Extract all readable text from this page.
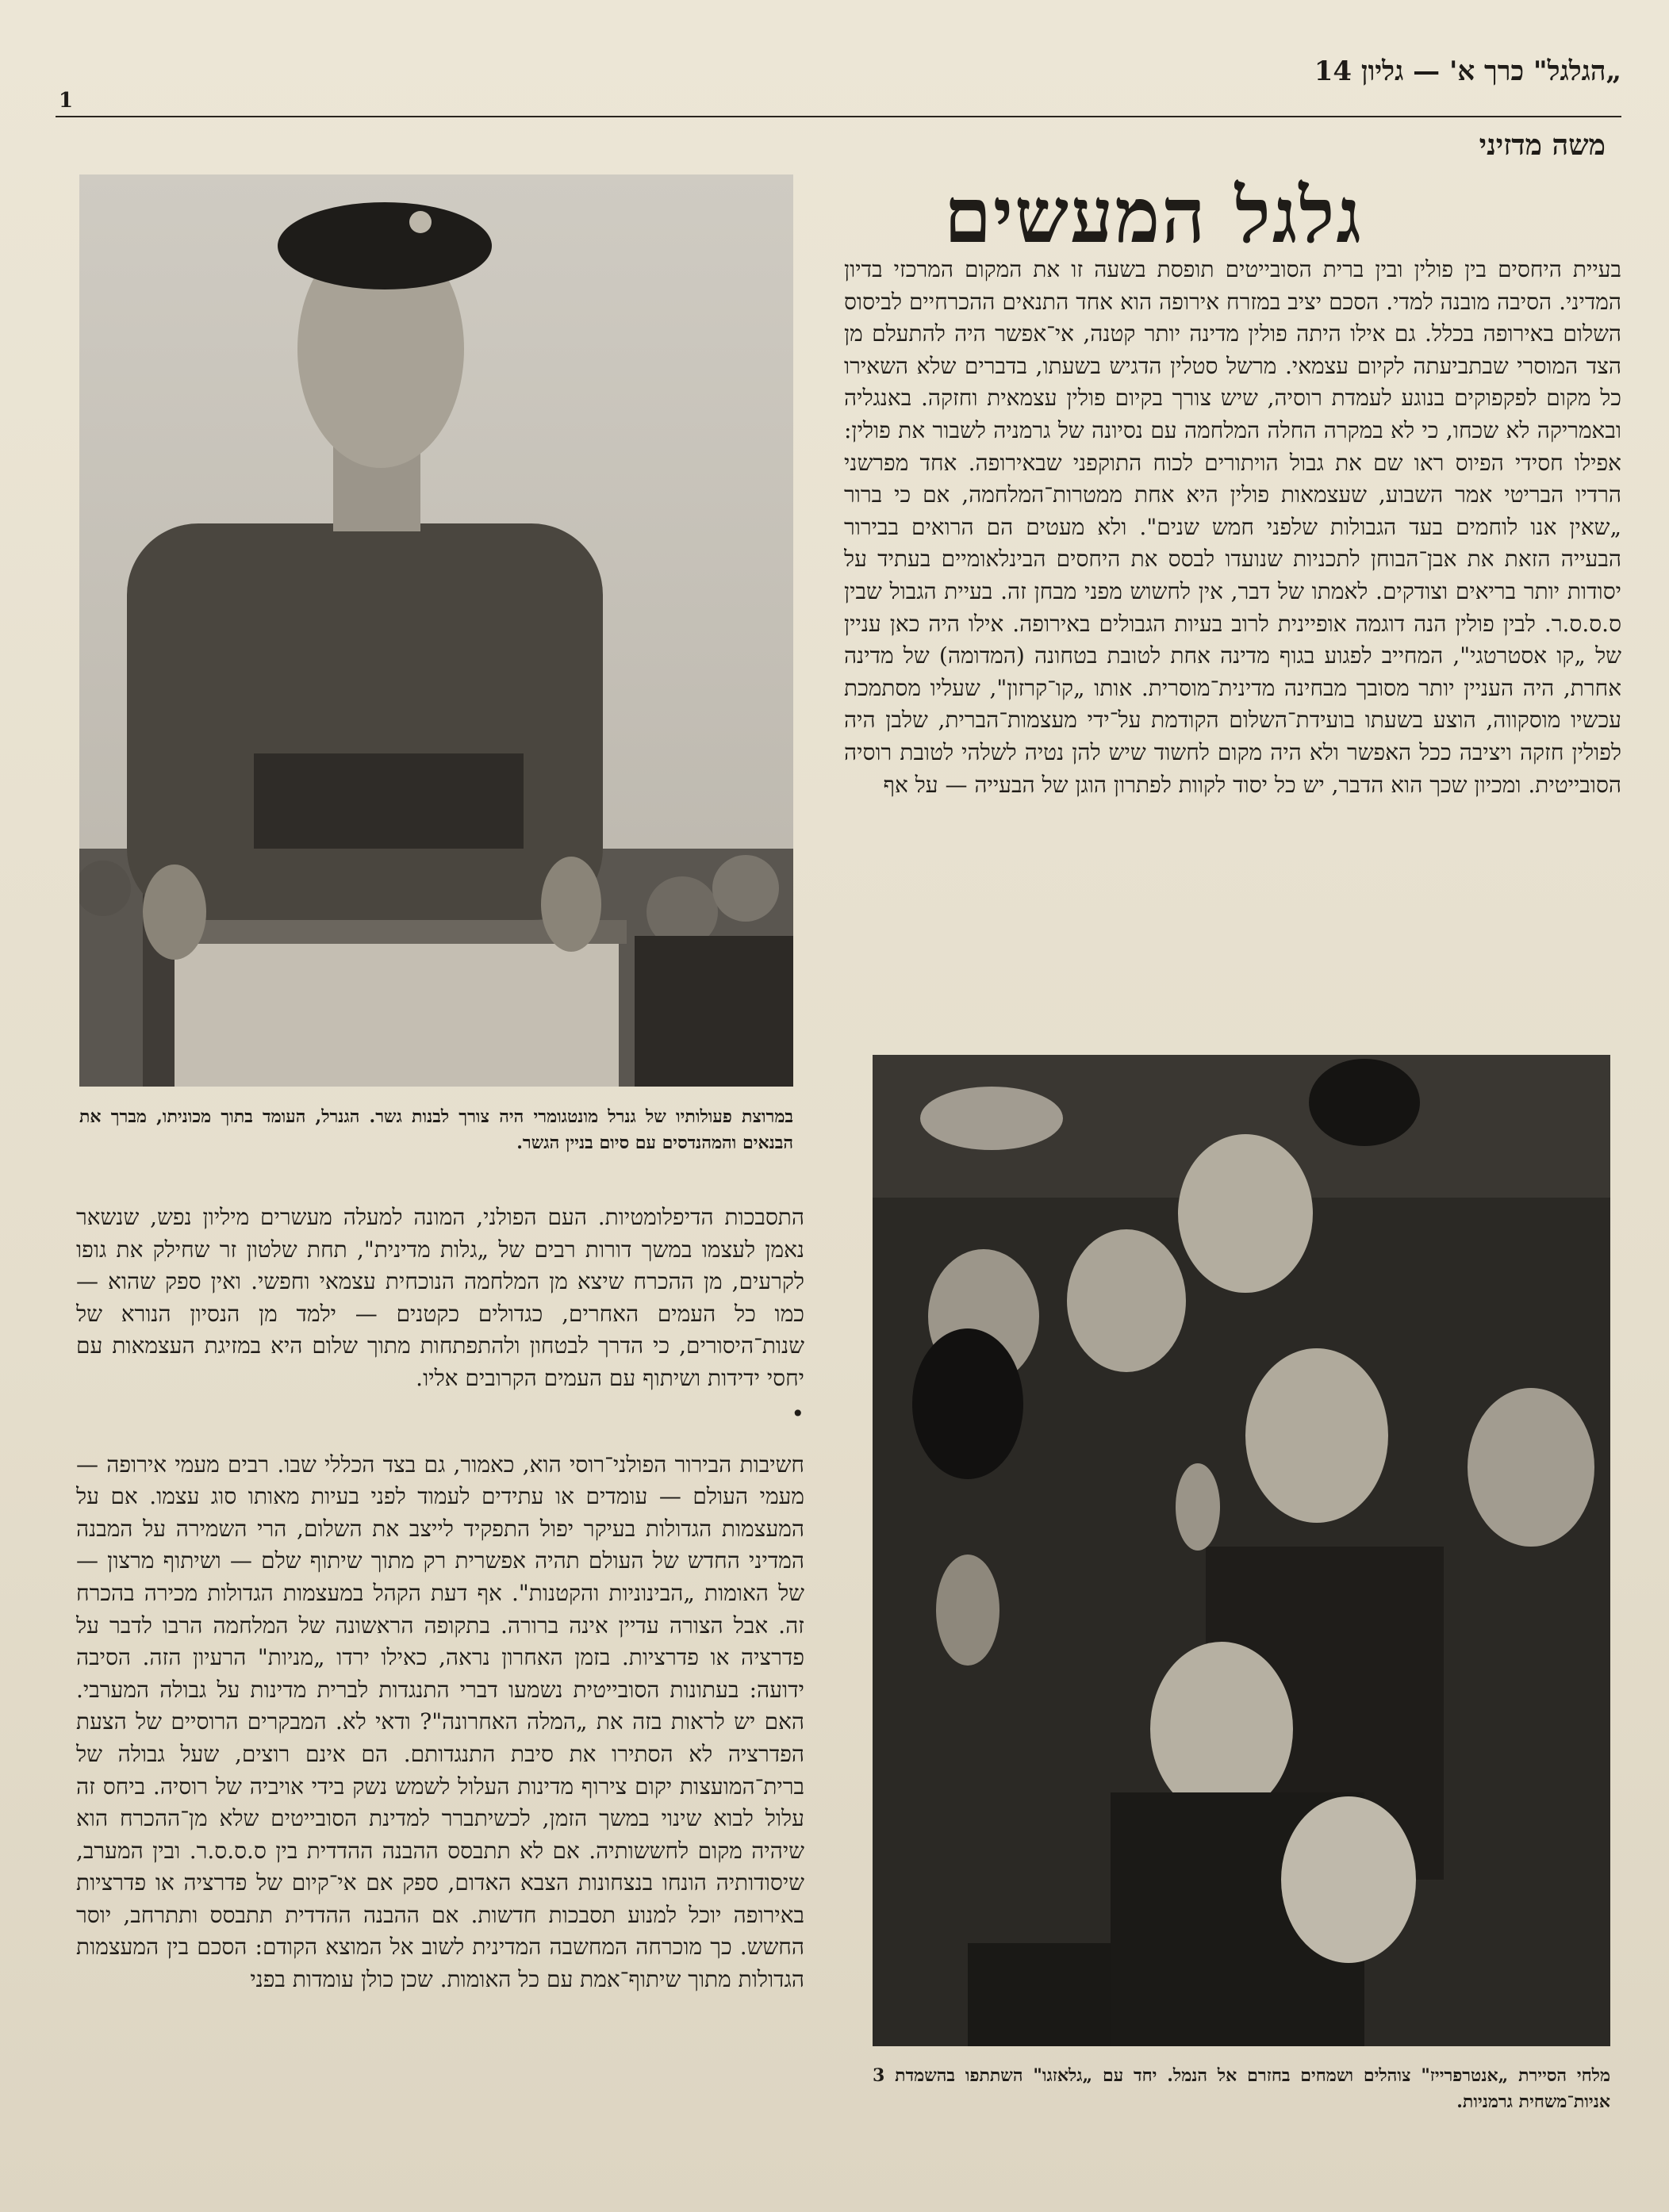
„הגלגל" כרך א' — גליון 14
1
משה מדזיני
גלגל המעשים

בעיית היחסים בין פולין ובין ברית הסובייטים תופסת בשעה זו את המקום המרכזי בדיון המדיני. הסיבה מובנה למדי. הסכם יציב במזרח אירופה הוא אחד התנאים ההכרחיים לביסוס השלום באירופה בכלל. גם אילו היתה פולין מדינה יותר קטנה, אי־אפשר היה להתעלם מן הצד המוסרי שבתביעתה לקיום עצמאי. מרשל סטלין הדגיש בשעתו, בדברים שלא השאירו כל מקום לפקפוקים בנוגע לעמדת רוסיה, שיש צורך בקיום פולין עצמאית וחזקה. באנגליה ובאמריקה לא שכחו, כי לא במקרה החלה המלחמה עם נסיונה של גרמניה לשבור את פולין: אפילו חסידי הפיוס ראו שם את גבול הויתורים לכוח התוקפני שבאירופה. אחד מפרשני הרדיו הבריטי אמר השבוע, שעצמאות פולין היא אחת ממטרות־המלחמה, אם כי ברור „שאין אנו לוחמים בעד הגבולות שלפני חמש שנים". ולא מעטים הם הרואים בבירור הבעייה הזאת את אבן־הבוחן לתכניות שנועדו לבסס את היחסים הבינלאומיים בעתיד על יסודות יותר בריאים וצודקים. לאמתו של דבר, אין לחשוש מפני מבחן זה. בעיית הגבול שבין ס.ס.ס.ר. לבין פולין הנה דוגמה אופיינית לרוב בעיות הגבולים באירופה. אילו היה כאן עניין של „קו אסטרטגי", המחייב לפגוע בגוף מדינה אחת לטובת בטחונה (המדומה) של מדינה אחרת, היה העניין יותר מסובך מבחינה מדינית־מוסרית. אותו „קו־קרזון", שעליו מסתמכת עכשיו מוסקווה, הוצע בשעתו בועידת־השלום הקודמת על־ידי מעצמות־הברית, שלבן היה לפולין חזקה ויציבה ככל האפשר ולא היה מקום לחשוד שיש להן נטיה לשלהי לטובת רוסיה הסובייטית. ומכיון שכך הוא הדבר, יש כל יסוד לקוות לפתרון הוגן של הבעייה — על אף

במרוצת פעולותיו של גנרל מונטגומרי היה צורך לבנות גשר. הגנרל, העומד בתוך מכוניתו, מברך את הבנאים והמהנדסים עם סיום בניין הגשר.

התסבכות הדיפלומטיות. העם הפולני, המונה למעלה מעשרים מיליון נפש, שנשאר נאמן לעצמו במשך דורות רבים של „גלות מדינית", תחת שלטון זר שחילק את גופו לקרעים, מן ההכרח שיצא מן המלחמה הנוכחית עצמאי וחפשי. ואין ספק שהוא — כמו כל העמים האחרים, כגדולים כקטנים — ילמד מן הנסיון הנורא של שנות־היסורים, כי הדרך לבטחון ולהתפתחות מתוך שלום היא במזיגת העצמאות עם יחסי ידידות ושיתוף עם העמים הקרובים אליו.

•

חשיבות הבירור הפולני־רוסי הוא, כאמור, גם בצד הכללי שבו. רבים מעמי אירופה — מעמי העולם — עומדים או עתידים לעמוד לפני בעיות מאותו סוג עצמו. אם על המעצמות הגדולות בעיקר יפול התפקיד לייצב את השלום, הרי השמירה על המבנה המדיני החדש של העולם תהיה אפשרית רק מתוך שיתוף שלם — ושיתוף מרצון — של האומות „הבינוניות והקטנות". אף דעת הקהל במעצמות הגדולות מכירה בהכרח זה. אבל הצורה עדיין אינה ברורה. בתקופה הראשונה של המלחמה הרבו לדבר על פדרציה או פדרציות. בזמן האחרון נראה, כאילו ירדו „מניות" הרעיון הזה. הסיבה ידועה: בעתונות הסובייטית נשמעו דברי התנגדות לברית מדינות על גבולה המערבי. האם יש לראות בזה את „המלה האחרונה"? ודאי לא. המבקרים הרוסיים של הצעת הפדרציה לא הסתירו את סיבת התנגדותם. הם אינם רוצים, שעל גבולה של ברית־המועצות יקום צירוף מדינות העלול לשמש נשק בידי אויביה של רוסיה. ביחס זה עלול לבוא שינוי במשך הזמן, לכשיתברר למדינת הסובייטים שלא מן־ההכרח הוא שיהיה מקום לחששותיה. אם לא תתבסס ההבנה ההדדית בין ס.ס.ס.ר. ובין המערב, שיסודותיה הונחו בנצחונות הצבא האדום, ספק אם אי־קיום של פדרציה או פדרציות באירופה יוכל למנוע תסבכות חדשות. אם ההבנה ההדדית תתבסס ותתרחב, יוסר החשש. כך מוכרחה המחשבה המדינית לשוב אל המוצא הקודם: הסכם בין המעצמות הגדולות מתוך שיתוף־אמת עם כל האומות. שכן כולן עומדות בפני

מלחי הסיירת „אנטרפרייז" צוהלים ושמחים בחזרם אל הנמל. יחד עם „גלאזגו" השתתפו בהשמדת 3 אניות־משחית גרמניות.
